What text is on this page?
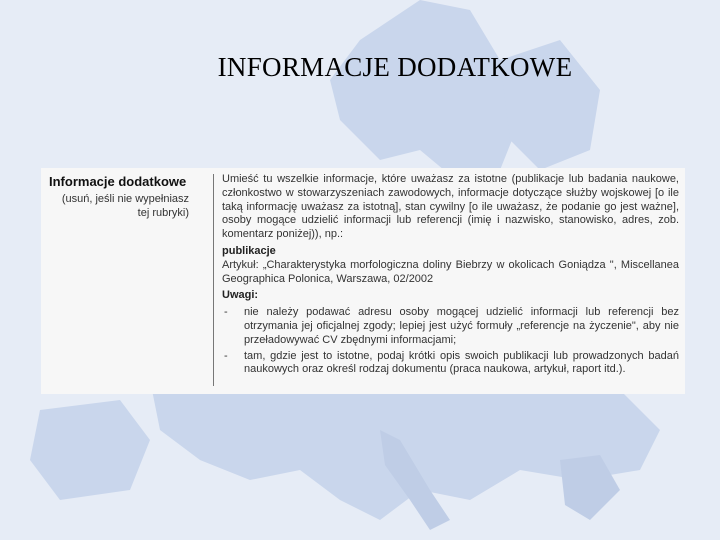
INFORMACJE DODATKOWE
Informacje dodatkowe
(usuń, jeśli nie wypełniasz tej rubryki)
Umieść tu wszelkie informacje, które uważasz za istotne (publikacje lub badania naukowe, członkostwo w stowarzyszeniach zawodowych, informacje dotyczące służby wojskowej [o ile taką informację uważasz za istotną], stan cywilny [o ile uważasz, że podanie go jest ważne], osoby mogące udzielić informacji lub referencji (imię i nazwisko, stanowisko, adres, zob. komentarz poniżej)), np.:
publikacje
Artykuł: „Charakterystyka morfologiczna doliny Biebrzy w okolicach Goniądza ", Miscellanea Geographica Polonica, Warszawa, 02/2002
Uwagi:
- nie należy podawać adresu osoby mogącej udzielić informacji lub referencji bez otrzymania jej oficjalnej zgody; lepiej jest użyć formuły „referencje na życzenie", aby nie przeładowywać CV zbędnymi informacjami;
- tam, gdzie jest to istotne, podaj krótki opis swoich publikacji lub prowadzonych badań naukowych oraz określ rodzaj dokumentu (praca naukowa, artykuł, raport itd.).
